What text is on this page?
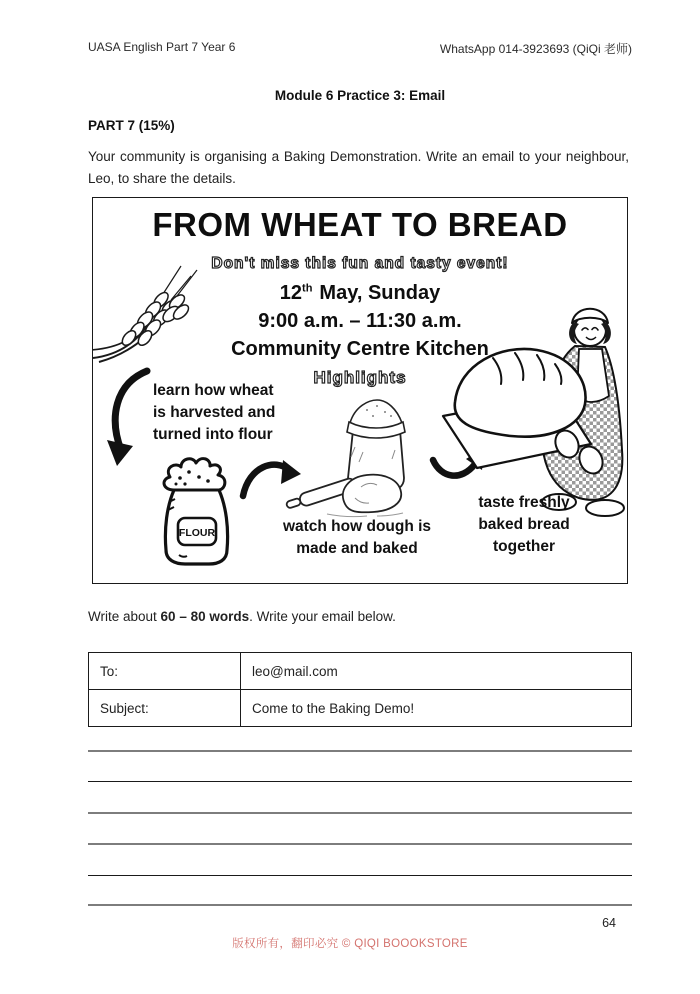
UASA English Part 7 Year 6	WhatsApp 014-3923693 (QiQi 老师)
Module 6 Practice 3: Email
PART 7 (15%)

Your community is organising a Baking Demonstration. Write an email to your neighbour, Leo, to share the details.

FROM WHEAT TO BREAD
Don't miss this fun and tasty event!
12th May, Sunday
9:00 a.m. – 11:30 a.m.
Community Centre Kitchen
Highlights
learn how wheat
is harvested and
turned into flour
FLOUR	watch how dough is
made and baked
taste freshly
baked bread
together

Write about 60 – 80 words. Write your email below.

To:	leo@mail.com
Subject:	Come to the Baking Demo!
64
版权所有，翻印必究 © QIQI BOOOKSTORE
